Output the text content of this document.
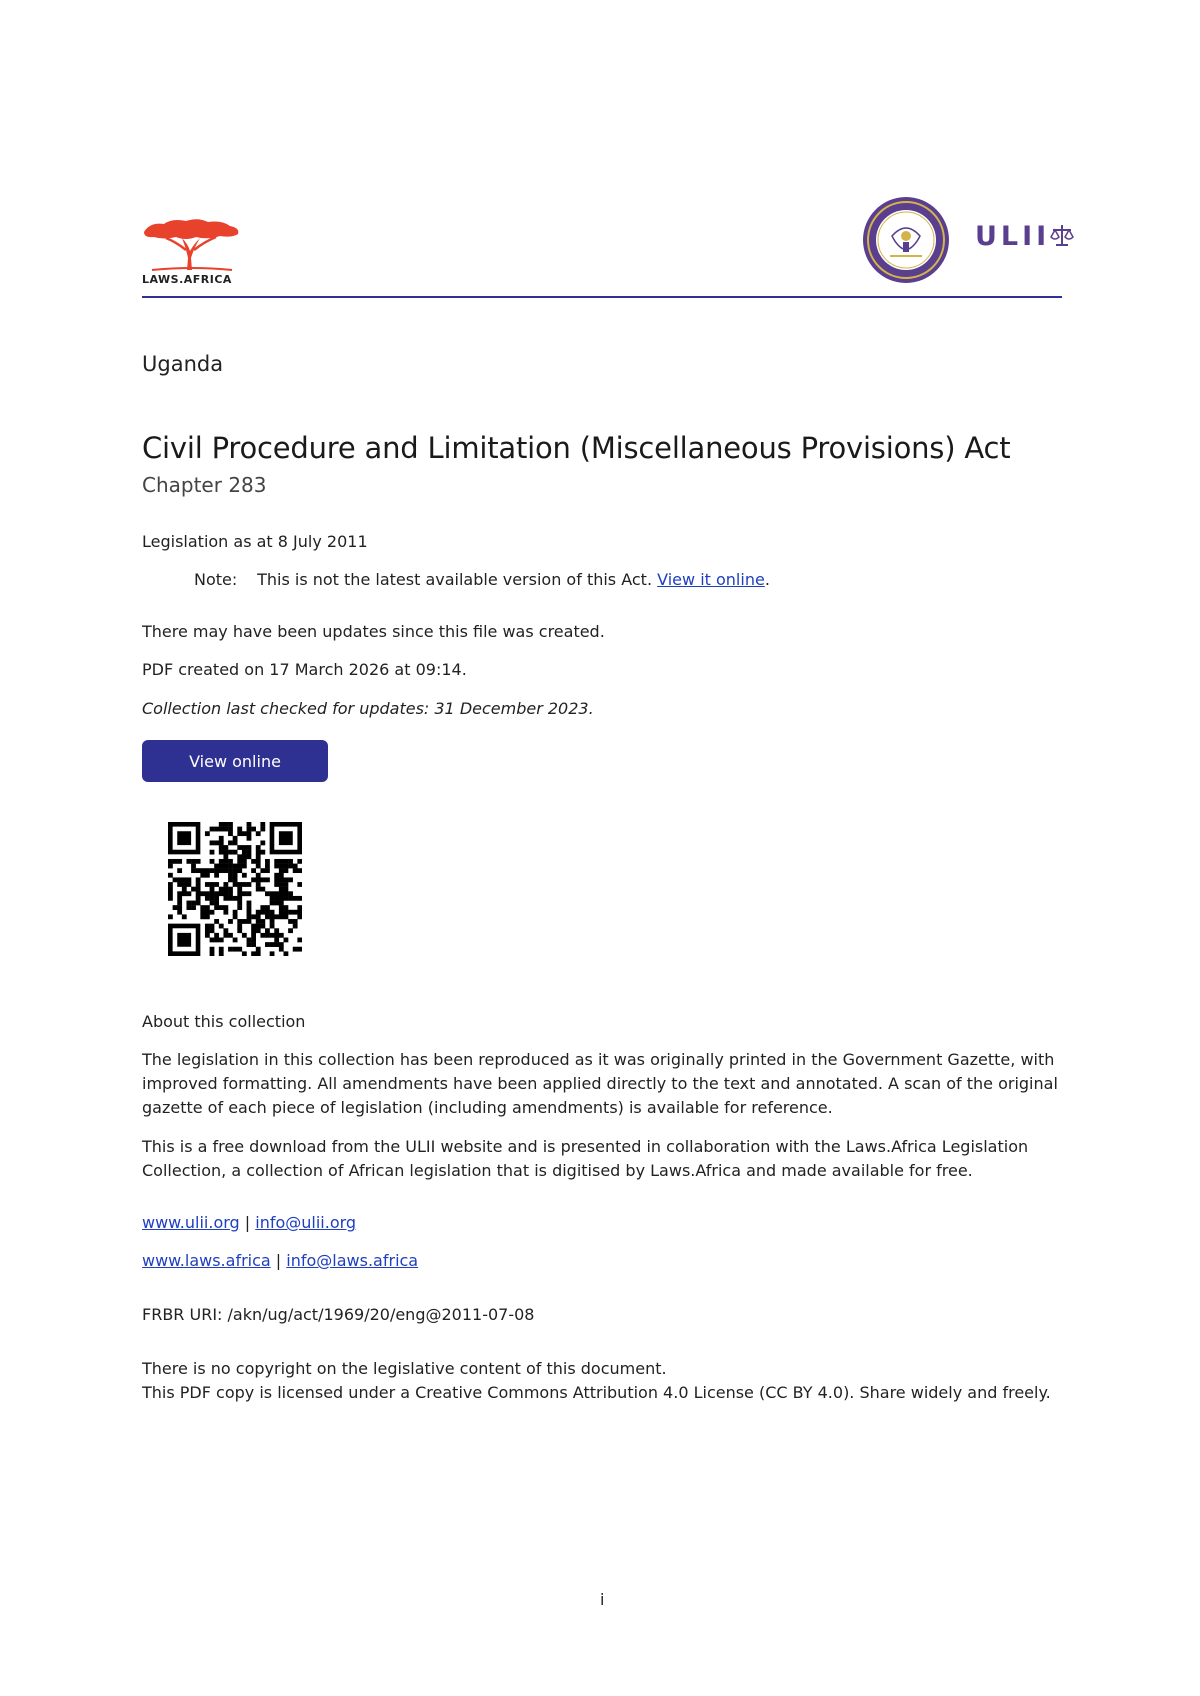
LAWS.AFRICA
ULII
Uganda
Civil Procedure and Limitation (Miscellaneous Provisions) Act
Chapter 283
Legislation as at 8 July 2011
Note: This is not the latest available version of this Act. View it online.
There may have been updates since this file was created.
PDF created on 17 March 2026 at 09:14.
Collection last checked for updates: 31 December 2023.
View online
About this collection
The legislation in this collection has been reproduced as it was originally printed in the Government Gazette, with
improved formatting. All amendments have been applied directly to the text and annotated. A scan of the original
gazette of each piece of legislation (including amendments) is available for reference.
This is a free download from the ULII website and is presented in collaboration with the Laws.Africa Legislation
Collection, a collection of African legislation that is digitised by Laws.Africa and made available for free.
www.ulii.org | info@ulii.org
www.laws.africa | info@laws.africa
FRBR URI: /akn/ug/act/1969/20/eng@2011-07-08
There is no copyright on the legislative content of this document.
This PDF copy is licensed under a Creative Commons Attribution 4.0 License (CC BY 4.0). Share widely and freely.
i
